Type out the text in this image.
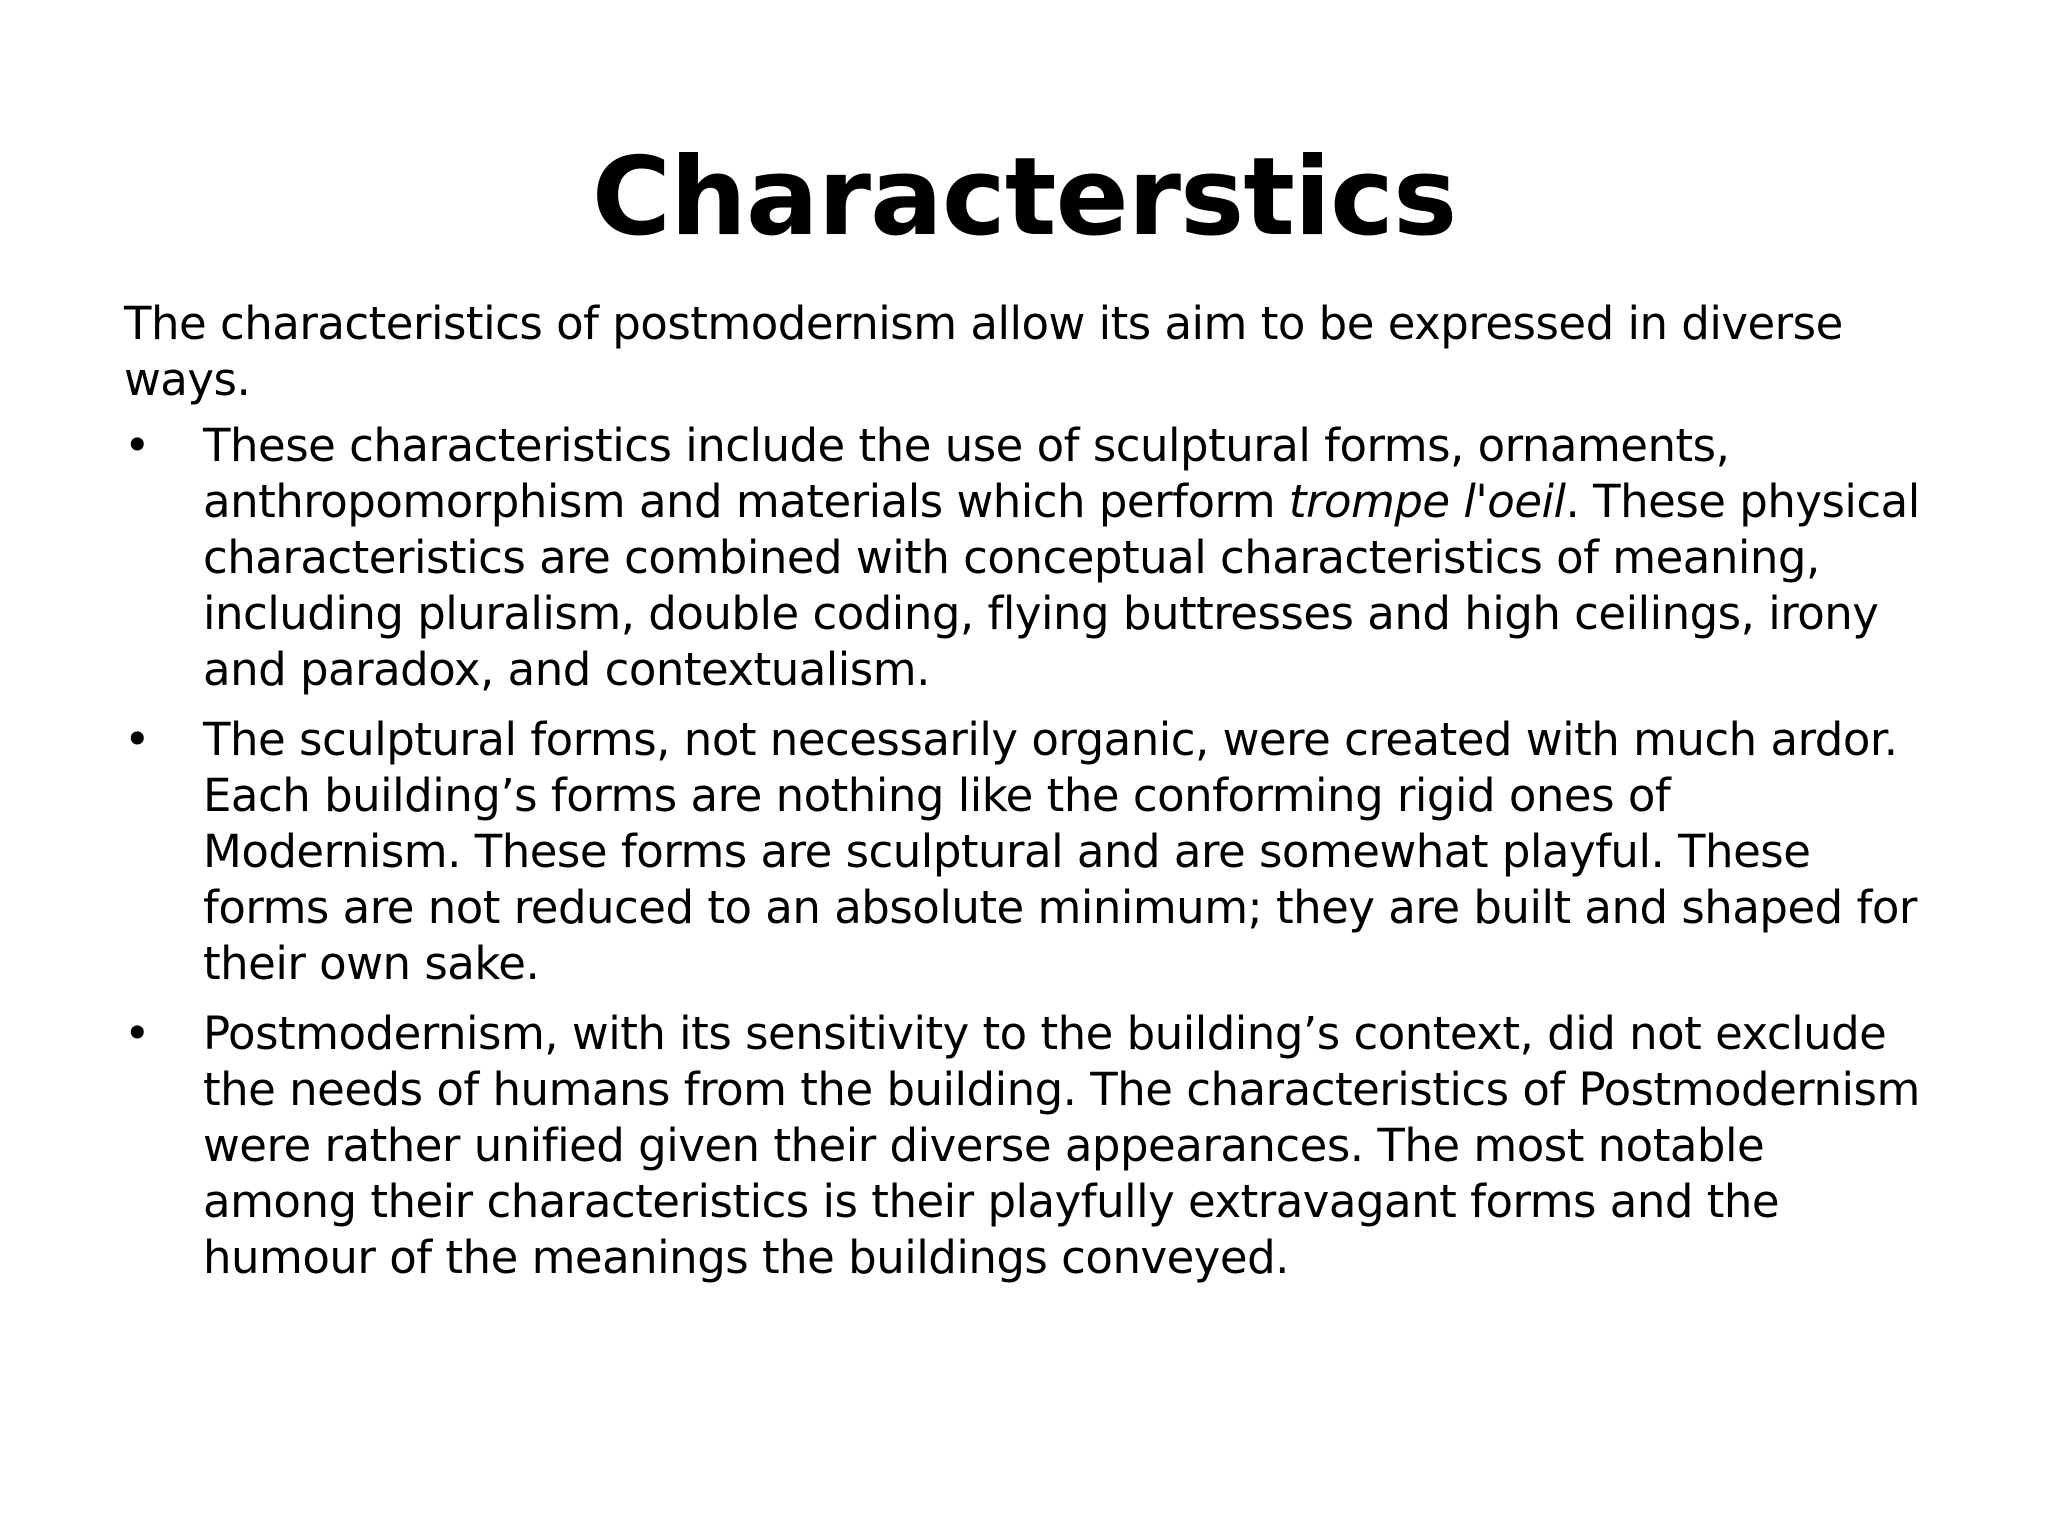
Characterstics

The characteristics of postmodernism allow its aim to be expressed in diverse ways.

•	These characteristics include the use of sculptural forms, ornaments, anthropomorphism and materials which perform trompe l'oeil. These physical characteristics are combined with conceptual characteristics of meaning, including pluralism, double coding, flying buttresses and high ceilings, irony and paradox, and contextualism.
•	The sculptural forms, not necessarily organic, were created with much ardor. Each building’s forms are nothing like the conforming rigid ones of Modernism. These forms are sculptural and are somewhat playful. These forms are not reduced to an absolute minimum; they are built and shaped for their own sake.
•	Postmodernism, with its sensitivity to the building’s context, did not exclude the needs of humans from the building. The characteristics of Postmodernism were rather unified given their diverse appearances. The most notable among their characteristics is their playfully extravagant forms and the humour of the meanings the buildings conveyed.
